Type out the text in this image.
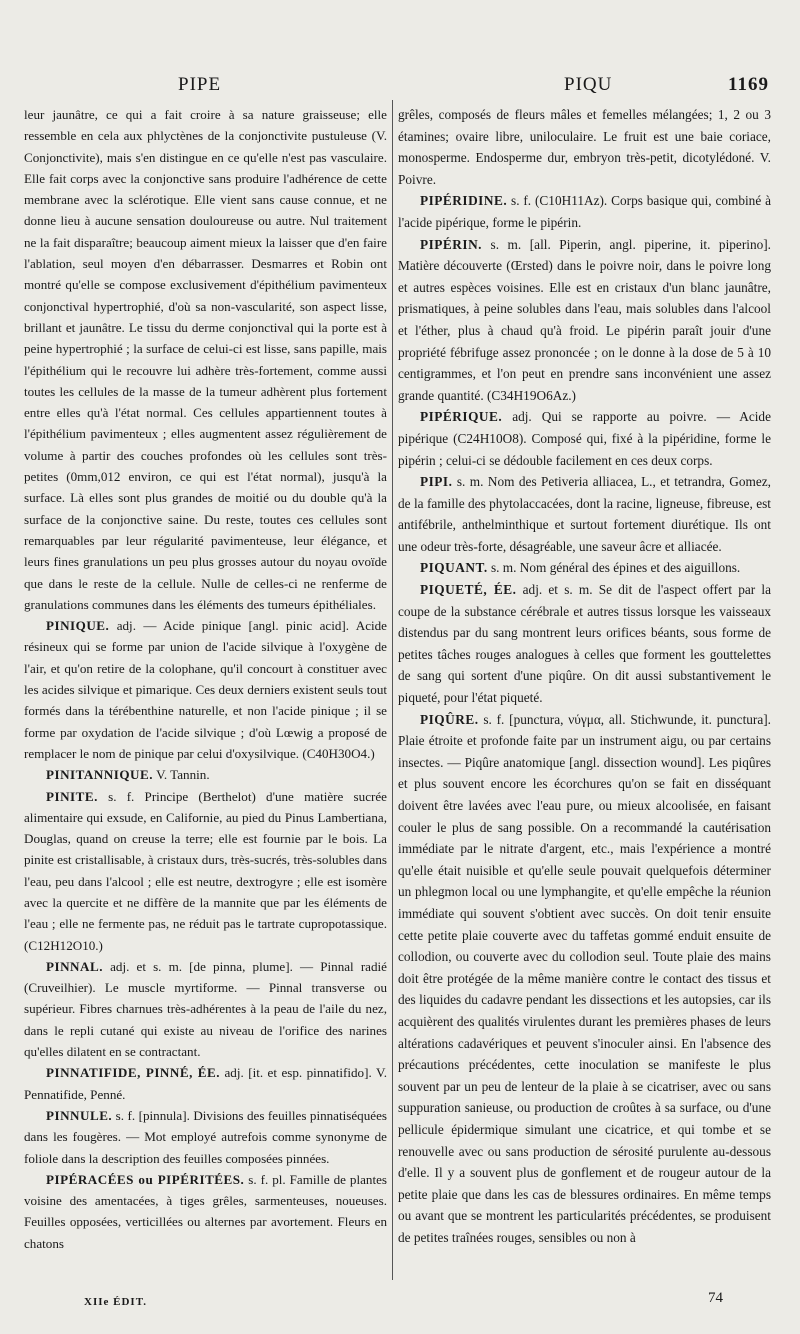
PIPE	PIQU	1169

leur jaunâtre, ce qui a fait croire à sa nature graisseuse; elle ressemble en cela aux phlyctènes de la conjonctivite pustuleuse (V. Conjonctivite), mais s'en distingue en ce qu'elle n'est pas vasculaire. Elle fait corps avec la conjonctive sans produire l'adhérence de cette membrane avec la sclérotique. Elle vient sans cause connue, et ne donne lieu à aucune sensation douloureuse ou autre. Nul traitement ne la fait disparaître; beaucoup aiment mieux la laisser que d'en faire l'ablation, seul moyen d'en débarrasser. Desmarres et Robin ont montré qu'elle se compose exclusivement d'épithélium pavimenteux conjonctival hypertrophié, d'où sa non-vascularité, son aspect lisse, brillant et jaunâtre. Le tissu du derme conjonctival qui la porte est à peine hypertrophié ; la surface de celui-ci est lisse, sans papille, mais l'épithélium qui le recouvre lui adhère très-fortement, comme aussi toutes les cellules de la masse de la tumeur adhèrent plus fortement entre elles qu'à l'état normal. Ces cellules appartiennent toutes à l'épithélium pavimenteux ; elles augmentent assez régulièrement de volume à partir des couches profondes où les cellules sont très-petites (0mm,012 environ, ce qui est l'état normal), jusqu'à la surface. Là elles sont plus grandes de moitié ou du double qu'à la surface de la conjonctive saine. Du reste, toutes ces cellules sont remarquables par leur régularité pavimenteuse, leur élégance, et leurs fines granulations un peu plus grosses autour du noyau ovoïde que dans le reste de la cellule. Nulle de celles-ci ne renferme de granulations communes dans les éléments des tumeurs épithéliales.

PINIQUE. adj. — Acide pinique [angl. pinic acid]. Acide résineux qui se forme par union de l'acide silvique à l'oxygène de l'air, et qu'on retire de la colophane, qu'il concourt à constituer avec les acides silvique et pimarique. Ces deux derniers existent seuls tout formés dans la térébenthine naturelle, et non l'acide pinique ; il se forme par oxydation de l'acide silvique ; d'où Lœwig a proposé de remplacer le nom de pinique par celui d'oxysilvique. (C40H30O4.)

PINITANNIQUE. V. Tannin.

PINITE. s. f. Principe (Berthelot) d'une matière sucrée alimentaire qui exsude, en Californie, au pied du Pinus Lambertiana, Douglas, quand on creuse la terre; elle est fournie par le bois. La pinite est cristallisable, à cristaux durs, très-sucrés, très-solubles dans l'eau, peu dans l'alcool ; elle est neutre, dextrogyre ; elle est isomère avec la quercite et ne diffère de la mannite que par les éléments de l'eau ; elle ne fermente pas, ne réduit pas le tartrate cupropotassique. (C12H12O10.)

PINNAL. adj. et s. m. [de pinna, plume]. — Pinnal radié (Cruveilhier). Le muscle myrtiforme. — Pinnal transverse ou supérieur. Fibres charnues très-adhérentes à la peau de l'aile du nez, dans le repli cutané qui existe au niveau de l'orifice des narines qu'elles dilatent en se contractant.

PINNATIFIDE, PINNÉ, ÉE. adj. [it. et esp. pinnatifido]. V. Pennatifide, Penné.

PINNULE. s. f. [pinnula]. Divisions des feuilles pinnatiséquées dans les fougères. — Mot employé autrefois comme synonyme de foliole dans la description des feuilles composées pinnées.

PIPÉRACÉES ou PIPÉRITÉES. s. f. pl. Famille de plantes voisine des amentacées, à tiges grêles, sarmenteuses, noueuses. Feuilles opposées, verticillées ou alternes par avortement. Fleurs en chatons

grêles, composés de fleurs mâles et femelles mélangées; 1, 2 ou 3 étamines; ovaire libre, uniloculaire. Le fruit est une baie coriace, monosperme. Endosperme dur, embryon très-petit, dicotylédoné. V. Poivre.

PIPÉRIDINE. s. f. (C10H11Az). Corps basique qui, combiné à l'acide pipérique, forme le pipérin.

PIPÉRIN. s. m. [all. Piperin, angl. piperine, it. piperino]. Matière découverte (Œrsted) dans le poivre noir, dans le poivre long et autres espèces voisines. Elle est en cristaux d'un blanc jaunâtre, prismatiques, à peine solubles dans l'eau, mais solubles dans l'alcool et l'éther, plus à chaud qu'à froid. Le pipérin paraît jouir d'une propriété fébrifuge assez prononcée ; on le donne à la dose de 5 à 10 centigrammes, et l'on peut en prendre sans inconvénient une assez grande quantité. (C34H19O6Az.)

PIPÉRIQUE. adj. Qui se rapporte au poivre. — Acide pipérique (C24H10O8). Composé qui, fixé à la pipéridine, forme le pipérin ; celui-ci se dédouble facilement en ces deux corps.

PIPI. s. m. Nom des Petiveria alliacea, L., et tetrandra, Gomez, de la famille des phytolaccacées, dont la racine, ligneuse, fibreuse, est antifébrile, anthelminthique et surtout fortement diurétique. Ils ont une odeur très-forte, désagréable, une saveur âcre et alliacée.

PIQUANT. s. m. Nom général des épines et des aiguillons.

PIQUETÉ, ÉE. adj. et s. m. Se dit de l'aspect offert par la coupe de la substance cérébrale et autres tissus lorsque les vaisseaux distendus par du sang montrent leurs orifices béants, sous forme de petites tâches rouges analogues à celles que forment les gouttelettes de sang qui sortent d'une piqûre. On dit aussi substantivement le piqueté, pour l'état piqueté.

PIQÛRE. s. f. [punctura, νύγμα, all. Stichwunde, it. punctura]. Plaie étroite et profonde faite par un instrument aigu, ou par certains insectes. — Piqûre anatomique [angl. dissection wound]. Les piqûres et plus souvent encore les écorchures qu'on se fait en disséquant doivent être lavées avec l'eau pure, ou mieux alcoolisée, en faisant couler le plus de sang possible. On a recommandé la cautérisation immédiate par le nitrate d'argent, etc., mais l'expérience a montré qu'elle était nuisible et qu'elle seule pouvait quelquefois déterminer un phlegmon local ou une lymphangite, et qu'elle empêche la réunion immédiate qui souvent s'obtient avec succès. On doit tenir ensuite cette petite plaie couverte avec du taffetas gommé enduit ensuite de collodion, ou couverte avec du collodion seul. Toute plaie des mains doit être protégée de la même manière contre le contact des tissus et des liquides du cadavre pendant les dissections et les autopsies, car ils acquièrent des qualités virulentes durant les premières phases de leurs altérations cadavériques et peuvent s'inoculer ainsi. En l'absence des précautions précédentes, cette inoculation se manifeste le plus souvent par un peu de lenteur de la plaie à se cicatriser, avec ou sans suppuration sanieuse, ou production de croûtes à sa surface, ou d'une pellicule épidermique simulant une cicatrice, et qui tombe et se renouvelle avec ou sans production de sérosité purulente au-dessous d'elle. Il y a souvent plus de gonflement et de rougeur autour de la petite plaie que dans les cas de blessures ordinaires. En même temps ou avant que se montrent les particularités précédentes, se produisent de petites traînées rouges, sensibles ou non à

XIIe ÉDIT.	74
